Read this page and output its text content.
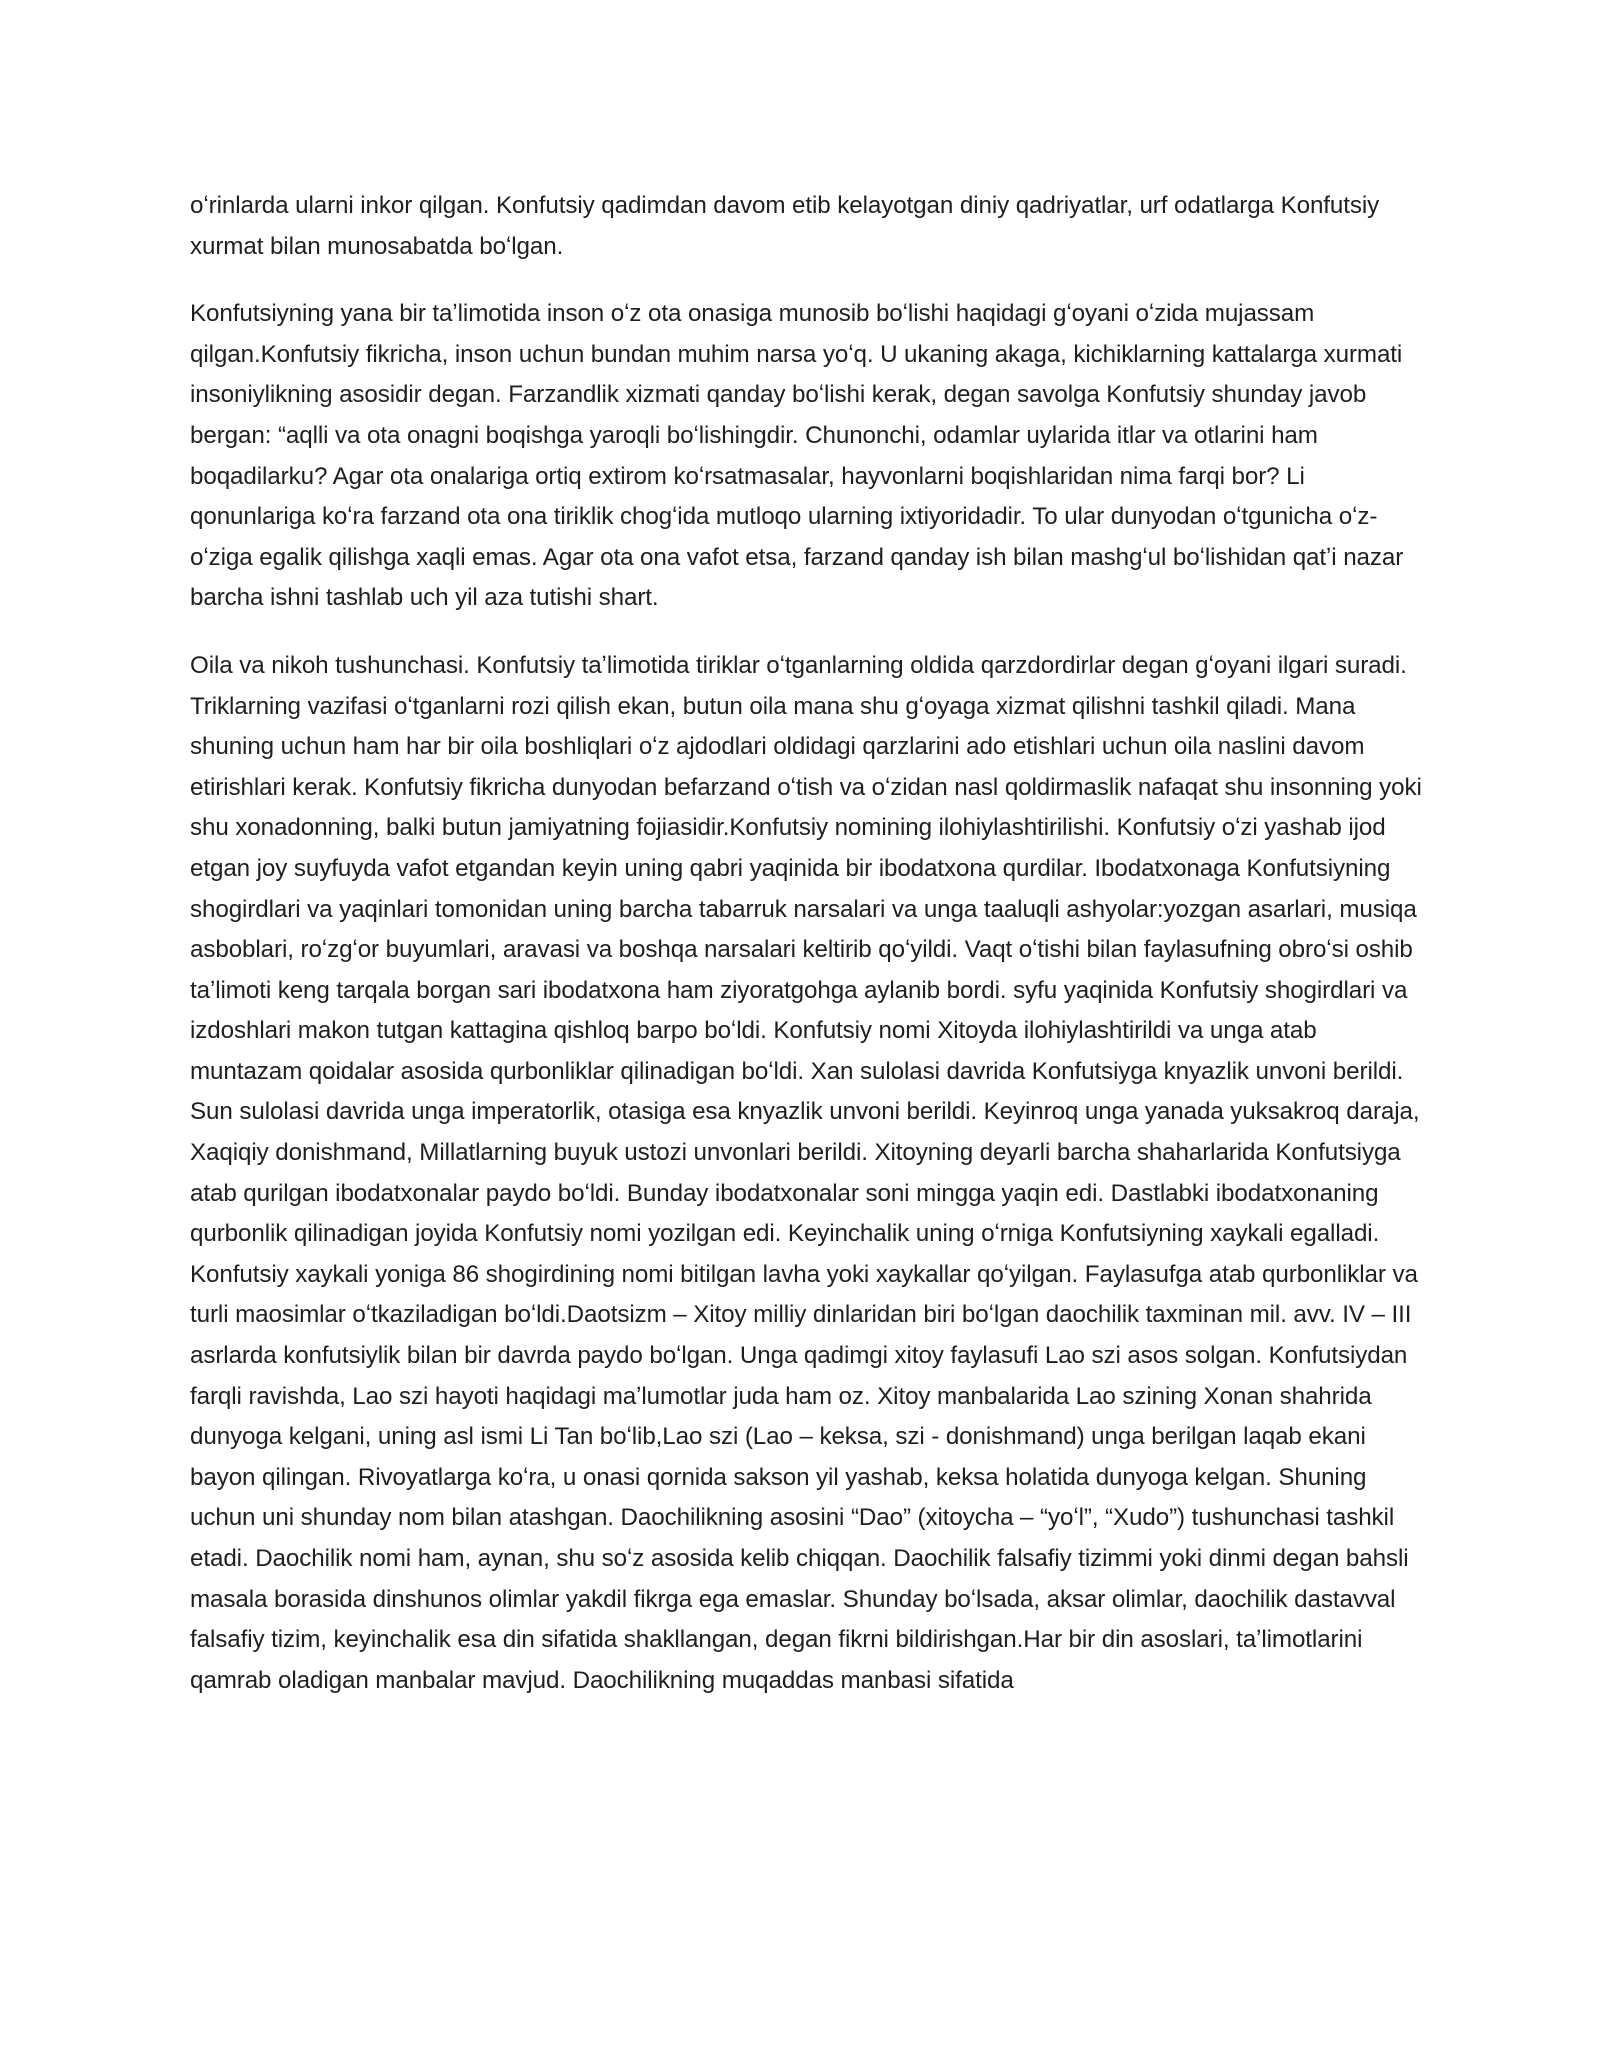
oʻrinlarda ularni inkor qilgan. Konfutsiy qadimdan davom etib kelayotgan diniy qadriyatlar, urf odatlarga Konfutsiy xurmat bilan munosabatda boʻlgan.

Konfutsiyning yana bir taʼlimotida inson oʻz ota onasiga munosib boʻlishi haqidagi gʻoyani oʻzida mujassam qilgan.Konfutsiy fikricha, inson uchun bundan muhim narsa yoʻq. U ukaning akaga, kichiklarning kattalarga xurmati insoniylikning asosidir degan. Farzandlik xizmati qanday boʻlishi kerak, degan savolga Konfutsiy shunday javob bergan: “aqlli va ota onagni boqishga yaroqli boʻlishingdir. Chunonchi, odamlar uylarida itlar va otlarini ham boqadilarku? Agar ota onalariga ortiq extirom koʻrsatmasalar, hayvonlarni boqishlaridan nima farqi bor? Li qonunlariga koʻra farzand ota ona tiriklik chogʻida mutloqo ularning ixtiyoridadir. To ular dunyodan oʻtgunicha oʻz-oʻziga egalik qilishga xaqli emas. Agar ota ona vafot etsa, farzand qanday ish bilan mashgʻul boʻlishidan qatʼi nazar barcha ishni tashlab uch yil aza tutishi shart.

Oila va nikoh tushunchasi. Konfutsiy taʼlimotida tiriklar oʻtganlarning oldida qarzdordirlar degan gʻoyani ilgari suradi. Triklarning vazifasi oʻtganlarni rozi qilish ekan, butun oila mana shu gʻoyaga xizmat qilishni tashkil qiladi. Mana shuning uchun ham har bir oila boshliqlari oʻz ajdodlari oldidagi qarzlarini ado etishlari uchun oila naslini davom etirishlari kerak. Konfutsiy fikricha dunyodan befarzand oʻtish va oʻzidan nasl qoldirmaslik nafaqat shu insonning yoki shu xonadonning, balki butun jamiyatning fojiasidir.Konfutsiy nomining ilohiylashtirilishi. Konfutsiy oʻzi yashab ijod etgan joy suyfuyda vafot etgandan keyin uning qabri yaqinida bir ibodatxona qurdilar. Ibodatxonaga Konfutsiyning shogirdlari va yaqinlari tomonidan uning barcha tabarruk narsalari va unga taaluqli ashyolar:yozgan asarlari, musiqa asboblari, roʻzgʻor buyumlari, aravasi va boshqa narsalari keltirib qoʻyildi. Vaqt oʻtishi bilan faylasufning obroʻsi oshib taʼlimoti keng tarqala borgan sari ibodatxona ham ziyoratgohga aylanib bordi. syfu yaqinida Konfutsiy shogirdlari va izdoshlari makon tutgan kattagina qishloq barpo boʻldi. Konfutsiy nomi Xitoyda ilohiylashtirildi va unga atab muntazam qoidalar asosida qurbonliklar qilinadigan boʻldi. Xan sulolasi davrida Konfutsiyga knyazlik unvoni berildi. Sun sulolasi davrida unga imperatorlik, otasiga esa knyazlik unvoni berildi. Keyinroq unga yanada yuksakroq daraja, Xaqiqiy donishmand, Millatlarning buyuk ustozi unvonlari berildi. Xitoyning deyarli barcha shaharlarida Konfutsiyga atab qurilgan ibodatxonalar paydo boʻldi. Bunday ibodatxonalar soni mingga yaqin edi. Dastlabki ibodatxonaning qurbonlik qilinadigan joyida Konfutsiy nomi yozilgan edi. Keyinchalik uning oʻrniga Konfutsiyning xaykali egalladi. Konfutsiy xaykali yoniga 86 shogirdining nomi bitilgan lavha yoki xaykallar qoʻyilgan. Faylasufga atab qurbonliklar va turli maosimlar oʻtkaziladigan boʻldi.Daotsizm – Xitoy milliy dinlaridan biri boʻlgan daochilik taxminan mil. avv. IV – III asrlarda konfutsiylik bilan bir davrda paydo boʻlgan. Unga qadimgi xitoy faylasufi Lao szi asos solgan. Konfutsiydan farqli ravishda, Lao szi hayoti haqidagi maʼlumotlar juda ham oz. Xitoy manbalarida Lao szining Xonan shahrida dunyoga kelgani, uning asl ismi Li Tan boʻlib,Lao szi (Lao – keksa, szi - donishmand) unga berilgan laqab ekani bayon qilingan. Rivoyatlarga koʻra, u onasi qornida sakson yil yashab, keksa holatida dunyoga kelgan. Shuning uchun uni shunday nom bilan atashgan. Daochilikning asosini “Dao” (xitoycha – “yoʻl”, “Xudo”) tushunchasi tashkil etadi. Daochilik nomi ham, aynan, shu soʻz asosida kelib chiqqan. Daochilik falsafiy tizimmi yoki dinmi degan bahsli masala borasida dinshunos olimlar yakdil fikrga ega emaslar. Shunday boʻlsada, aksar olimlar, daochilik dastavval falsafiy tizim, keyinchalik esa din sifatida shakllangan, degan fikrni bildirishgan.Har bir din asoslari, taʼlimotlarini qamrab oladigan manbalar mavjud. Daochilikning muqaddas manbasi sifatida
